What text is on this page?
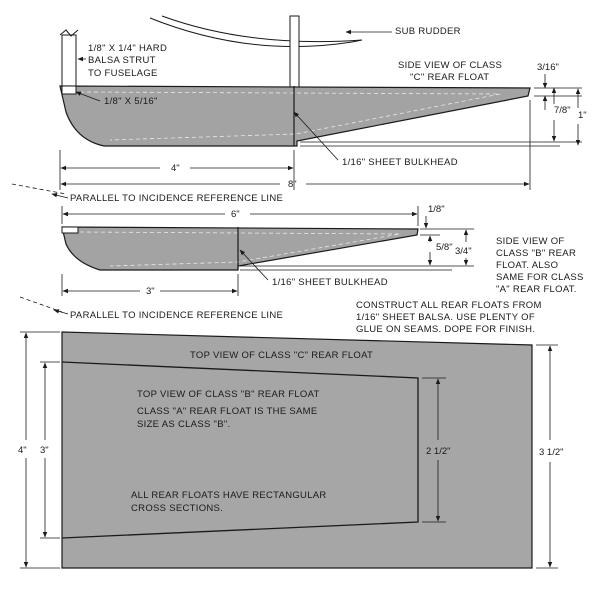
SUB RUDDER
1/8" X 1/4" HARD
BALSA STRUT
TO FUSELAGE
SIDE VIEW OF CLASS
"C" REAR FLOAT
1/8" X 5/16"
1/16" SHEET BULKHEAD
3/16"
7/8" 1"
4"
8"
PARALLEL TO INCIDENCE REFERENCE LINE
6"	1/8"
5/8" 3/4"
SIDE VIEW OF
CLASS "B" REAR
FLOAT. ALSO
SAME FOR CLASS
"A" REAR FLOAT.
1/16" SHEET BULKHEAD
3"
PARALLEL TO INCIDENCE REFERENCE LINE
CONSTRUCT ALL REAR FLOATS FROM
1/16" SHEET BALSA. USE PLENTY OF
GLUE ON SEAMS. DOPE FOR FINISH.
TOP VIEW OF CLASS "C" REAR FLOAT
TOP VIEW OF CLASS "B" REAR FLOAT
CLASS "A" REAR FLOAT IS THE SAME
SIZE AS CLASS "B".
ALL REAR FLOATS HAVE RECTANGULAR
CROSS SECTIONS.
4" 3"	2 1/2"	3 1/2"
